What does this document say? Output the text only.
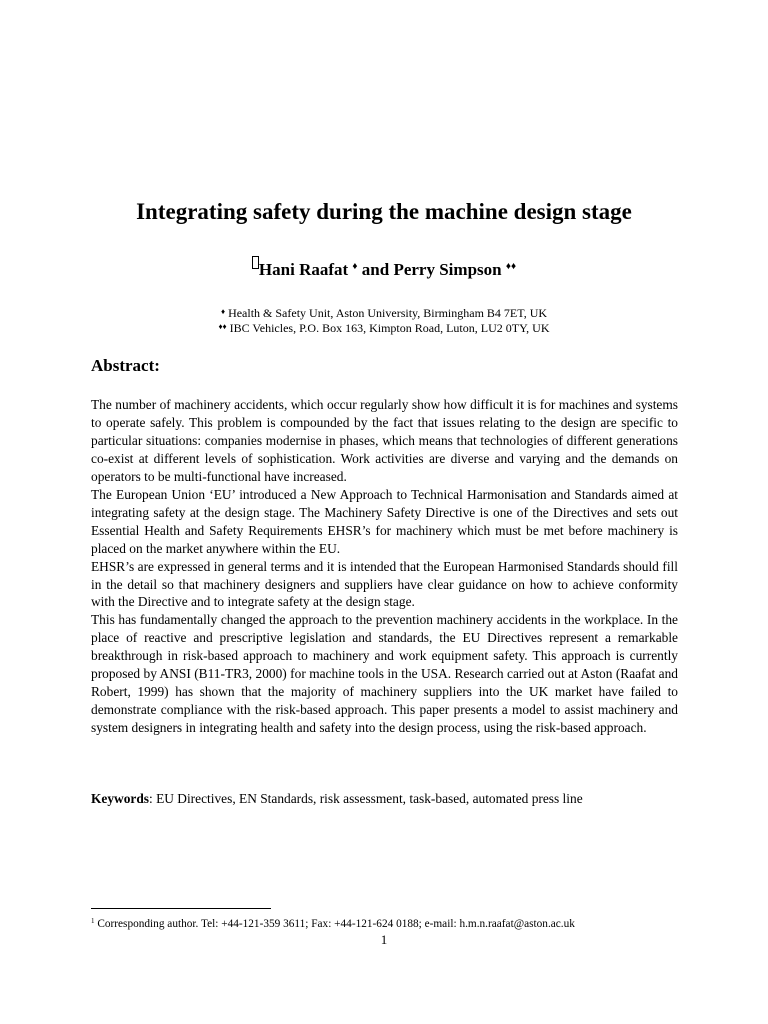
Integrating safety during the machine design stage
Hani Raafat ♦ and Perry Simpson ♦♦
♦ Health & Safety Unit, Aston University, Birmingham B4 7ET, UK
♦♦ IBC Vehicles, P.O. Box 163, Kimpton Road, Luton, LU2 0TY, UK
Abstract:

The number of machinery accidents, which occur regularly show how difficult it is for machines and systems to operate safely. This problem is compounded by the fact that issues relating to the design are specific to particular situations: companies modernise in phases, which means that technologies of different generations co-exist at different levels of sophistication. Work activities are diverse and varying and the demands on operators to be multi-functional have increased.

The European Union ‘EU’ introduced a New Approach to Technical Harmonisation and Standards aimed at integrating safety at the design stage. The Machinery Safety Directive is one of the Directives and sets out Essential Health and Safety Requirements EHSR’s for machinery which must be met before machinery is placed on the market anywhere within the EU.

EHSR’s are expressed in general terms and it is intended that the European Harmonised Standards should fill in the detail so that machinery designers and suppliers have clear guidance on how to achieve conformity with the Directive and to integrate safety at the design stage.

This has fundamentally changed the approach to the prevention machinery accidents in the workplace. In the place of reactive and prescriptive legislation and standards, the EU Directives represent a remarkable breakthrough in risk-based approach to machinery and work equipment safety. This approach is currently proposed by ANSI (B11-TR3, 2000) for machine tools in the USA. Research carried out at Aston (Raafat and Robert, 1999) has shown that the majority of machinery suppliers into the UK market have failed to demonstrate compliance with the risk-based approach. This paper presents a model to assist machinery and system designers in integrating health and safety into the design process, using the risk-based approach.

Keywords: EU Directives, EN Standards, risk assessment, task-based, automated press line
$^1$ Corresponding author. Tel: +44-121-359 3611; Fax: +44-121-624 0188; e-mail: h.m.n.raafat@aston.ac.uk
1
